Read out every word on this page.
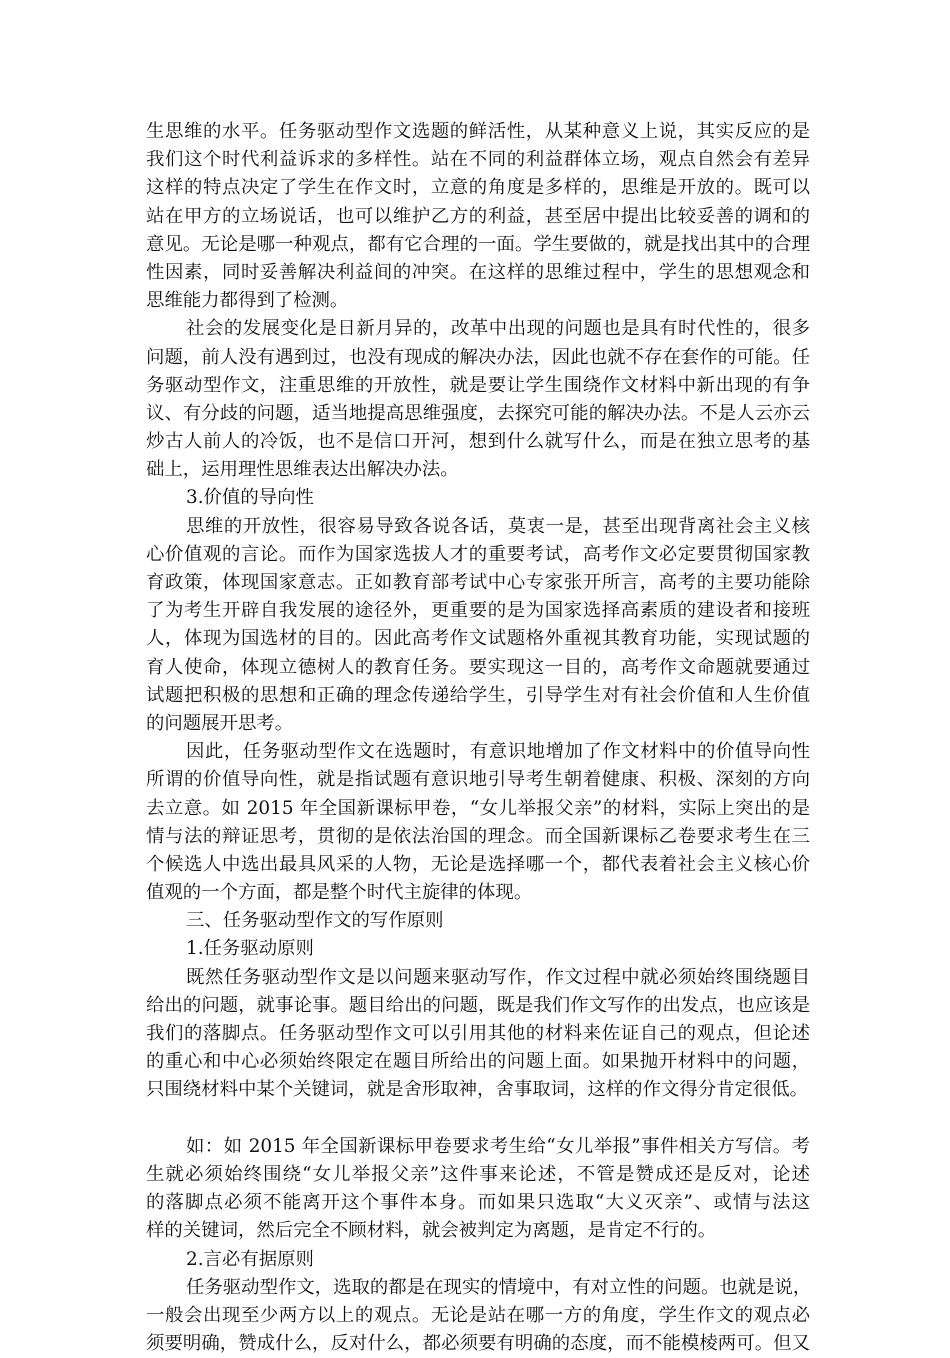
生思维的水平。任务驱动型作文选题的鲜活性，从某种意义上说，其实反应的是
我们这个时代利益诉求的多样性。站在不同的利益群体立场，观点自然会有差异
这样的特点决定了学生在作文时，立意的角度是多样的，思维是开放的。既可以
站在甲方的立场说话，也可以维护乙方的利益，甚至居中提出比较妥善的调和的
意见。无论是哪一种观点，都有它合理的一面。学生要做的，就是找出其中的合理
性因素，同时妥善解决利益间的冲突。在这样的思维过程中，学生的思想观念和
思维能力都得到了检测。
社会的发展变化是日新月异的，改革中出现的问题也是具有时代性的，很多
问题，前人没有遇到过，也没有现成的解决办法，因此也就不存在套作的可能。任
务驱动型作文，注重思维的开放性，就是要让学生围绕作文材料中新出现的有争
议、有分歧的问题，适当地提高思维强度，去探究可能的解决办法。不是人云亦云
炒古人前人的冷饭，也不是信口开河，想到什么就写什么，而是在独立思考的基
础上，运用理性思维表达出解决办法。
3.价值的导向性
思维的开放性，很容易导致各说各话，莫衷一是，甚至出现背离社会主义核
心价值观的言论。而作为国家选拔人才的重要考试，高考作文必定要贯彻国家教
育政策，体现国家意志。正如教育部考试中心专家张开所言，高考的主要功能除
了为考生开辟自我发展的途径外，更重要的是为国家选择高素质的建设者和接班
人，体现为国选材的目的。因此高考作文试题格外重视其教育功能，实现试题的
育人使命，体现立德树人的教育任务。要实现这一目的，高考作文命题就要通过
试题把积极的思想和正确的理念传递给学生，引导学生对有社会价值和人生价值
的问题展开思考。
因此，任务驱动型作文在选题时，有意识地增加了作文材料中的价值导向性
所谓的价值导向性，就是指试题有意识地引导考生朝着健康、积极、深刻的方向
去立意。如 2015 年全国新课标甲卷，“女儿举报父亲”的材料，实际上突出的是
情与法的辩证思考，贯彻的是依法治国的理念。而全国新课标乙卷要求考生在三
个候选人中选出最具风采的人物，无论是选择哪一个，都代表着社会主义核心价
值观的一个方面，都是整个时代主旋律的体现。
三、任务驱动型作文的写作原则
1.任务驱动原则
既然任务驱动型作文是以问题来驱动写作，作文过程中就必须始终围绕题目
给出的问题，就事论事。题目给出的问题，既是我们作文写作的出发点，也应该是
我们的落脚点。任务驱动型作文可以引用其他的材料来佐证自己的观点，但论述
的重心和中心必须始终限定在题目所给出的问题上面。如果抛开材料中的问题，
只围绕材料中某个关键词，就是舍形取神，舍事取词，这样的作文得分肯定很低。
如：如 2015 年全国新课标甲卷要求考生给“女儿举报”事件相关方写信。考
生就必须始终围绕“女儿举报父亲”这件事来论述，不管是赞成还是反对，论述
的落脚点必须不能离开这个事件本身。而如果只选取“大义灭亲”、或情与法这
样的关键词，然后完全不顾材料，就会被判定为离题，是肯定不行的。
2.言必有据原则
任务驱动型作文，选取的都是在现实的情境中，有对立性的问题。也就是说，
一般会出现至少两方以上的观点。无论是站在哪一方的角度，学生作文的观点必
须要明确，赞成什么，反对什么，都必须要有明确的态度，而不能模棱两可。但又
